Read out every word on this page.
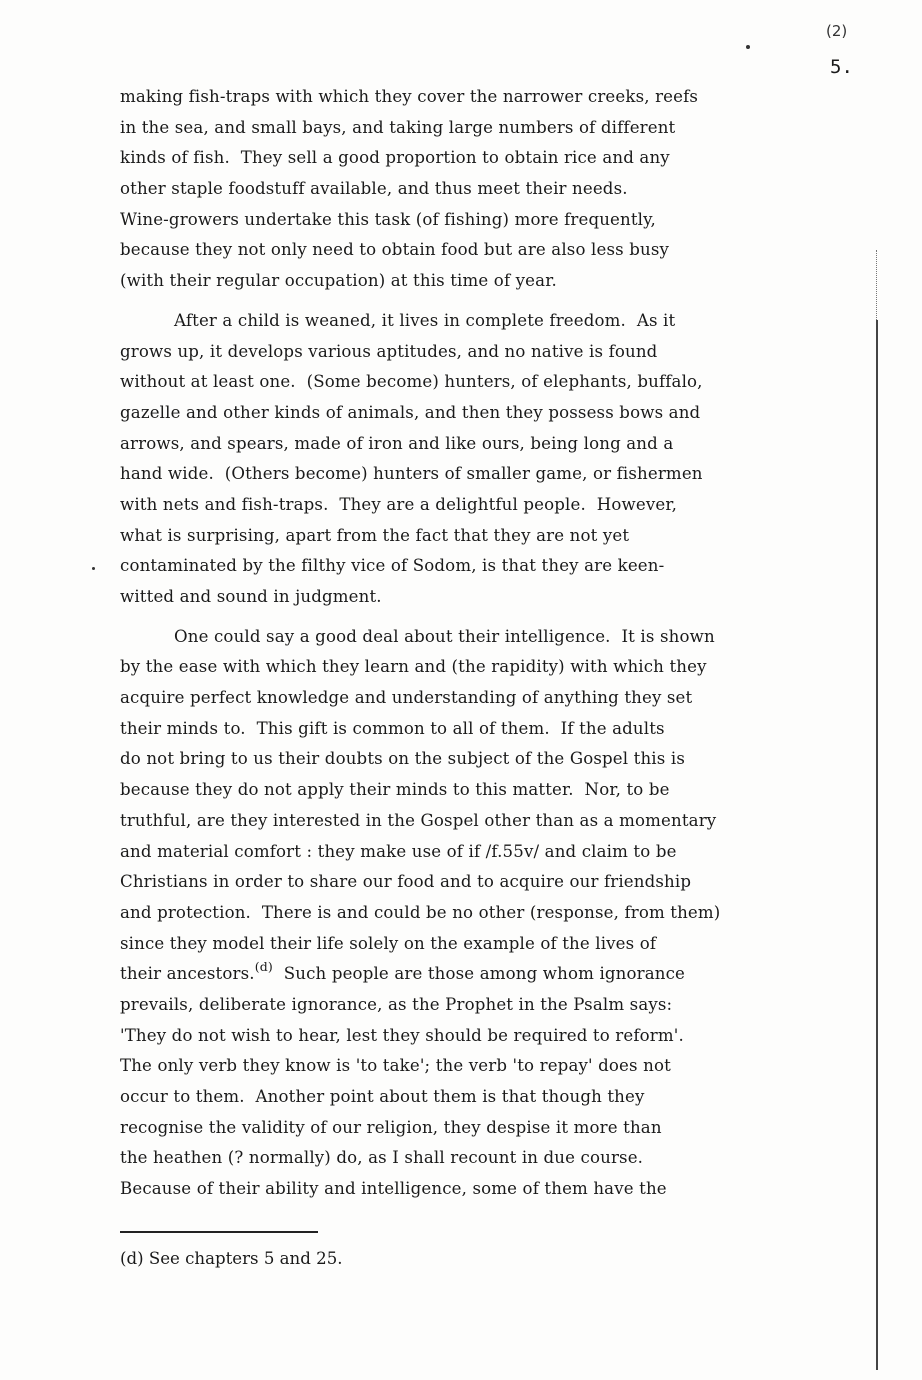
(2)
5.
making fish-traps with which they cover the narrower creeks, reefs
in the sea, and small bays, and taking large numbers of different
kinds of fish.  They sell a good proportion to obtain rice and any
other staple foodstuff available, and thus meet their needs.
Wine-growers undertake this task (of fishing) more frequently,
because they not only need to obtain food but are also less busy
(with their regular occupation) at this time of year.
After a child is weaned, it lives in complete freedom.  As it
grows up, it develops various aptitudes, and no native is found
without at least one.  (Some become) hunters, of elephants, buffalo,
gazelle and other kinds of animals, and then they possess bows and
arrows, and spears, made of iron and like ours, being long and a
hand wide.  (Others become) hunters of smaller game, or fishermen
with nets and fish-traps.  They are a delightful people.  However,
what is surprising, apart from the fact that they are not yet
contaminated by the filthy vice of Sodom, is that they are keen-
witted and sound in judgment.
One could say a good deal about their intelligence.  It is shown
by the ease with which they learn and (the rapidity) with which they
acquire perfect knowledge and understanding of anything they set
their minds to.  This gift is common to all of them.  If the adults
do not bring to us their doubts on the subject of the Gospel this is
because they do not apply their minds to this matter.  Nor, to be
truthful, are they interested in the Gospel other than as a momentary
and material comfort : they make use of if /f.55v/ and claim to be
Christians in order to share our food and to acquire our friendship
and protection.  There is and could be no other (response, from them)
since they model their life solely on the example of the lives of
their ancestors.$^{(d)}$  Such people are those among whom ignorance
prevails, deliberate ignorance, as the Prophet in the Psalm says:
'They do not wish to hear, lest they should be required to reform'.
The only verb they know is 'to take'; the verb 'to repay' does not
occur to them.  Another point about them is that though they
recognise the validity of our religion, they despise it more than
the heathen (? normally) do, as I shall recount in due course.
Because of their ability and intelligence, some of them have the
(d) See chapters 5 and 25.
